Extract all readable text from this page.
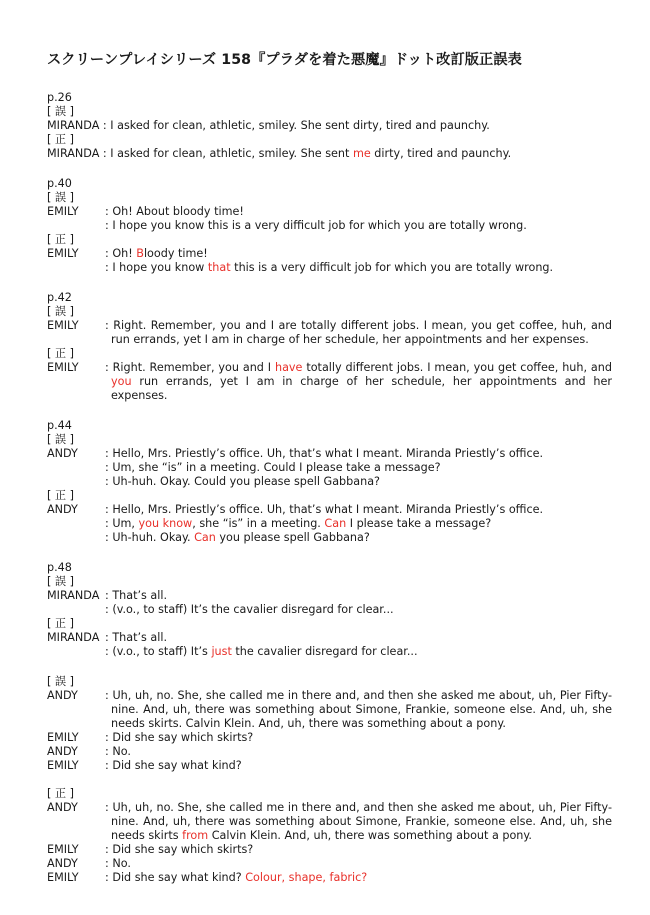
スクリーンプレイシリーズ 158『プラダを着た悪魔』ドット改訂版正誤表
p.26
[ 誤 ]
MIRANDA : I asked for clean, athletic, smiley. She sent dirty, tired and paunchy.
[ 正 ]
MIRANDA : I asked for clean, athletic, smiley. She sent me dirty, tired and paunchy.
p.40
[ 誤 ]
EMILY	: Oh! About bloody time!
: I hope you know this is a very difficult job for which you are totally wrong.
[ 正 ]
EMILY	: Oh! Bloody time!
: I hope you know that this is a very difficult job for which you are totally wrong.
p.42
[ 誤 ]
EMILY	: Right. Remember, you and I are totally different jobs. I mean, you get coffee, huh, and run errands, yet I am in charge of her schedule, her appointments and her expenses.
[ 正 ]
EMILY	: Right. Remember, you and I have totally different jobs. I mean, you get coffee, huh, and you run errands, yet I am in charge of her schedule, her appointments and her expenses.
p.44
[ 誤 ]
ANDY	: Hello, Mrs. Priestly’s office. Uh, that’s what I meant. Miranda Priestly’s office.
: Um, she “is” in a meeting. Could I please take a message?
: Uh-huh. Okay. Could you please spell Gabbana?
[ 正 ]
ANDY	: Hello, Mrs. Priestly’s office. Uh, that’s what I meant. Miranda Priestly’s office.
: Um, you know, she “is” in a meeting. Can I please take a message?
: Uh-huh. Okay. Can you please spell Gabbana?
p.48
[ 誤 ]
MIRANDA : That’s all.
: (v.o., to staff) It’s the cavalier disregard for clear...
[ 正 ]
MIRANDA : That’s all.
: (v.o., to staff) It’s just the cavalier disregard for clear...
[ 誤 ]
ANDY	: Uh, uh, no. She, she called me in there and, and then she asked me about, uh, Pier Fifty-nine. And, uh, there was something about Simone, Frankie, someone else. And, uh, she needs skirts. Calvin Klein. And, uh, there was something about a pony.
EMILY	: Did she say which skirts?
ANDY	: No.
EMILY	: Did she say what kind?
[ 正 ]
ANDY	: Uh, uh, no. She, she called me in there and, and then she asked me about, uh, Pier Fifty-nine. And, uh, there was something about Simone, Frankie, someone else. And, uh, she needs skirts from Calvin Klein. And, uh, there was something about a pony.
EMILY	: Did she say which skirts?
ANDY	: No.
EMILY	: Did she say what kind? Colour, shape, fabric?
